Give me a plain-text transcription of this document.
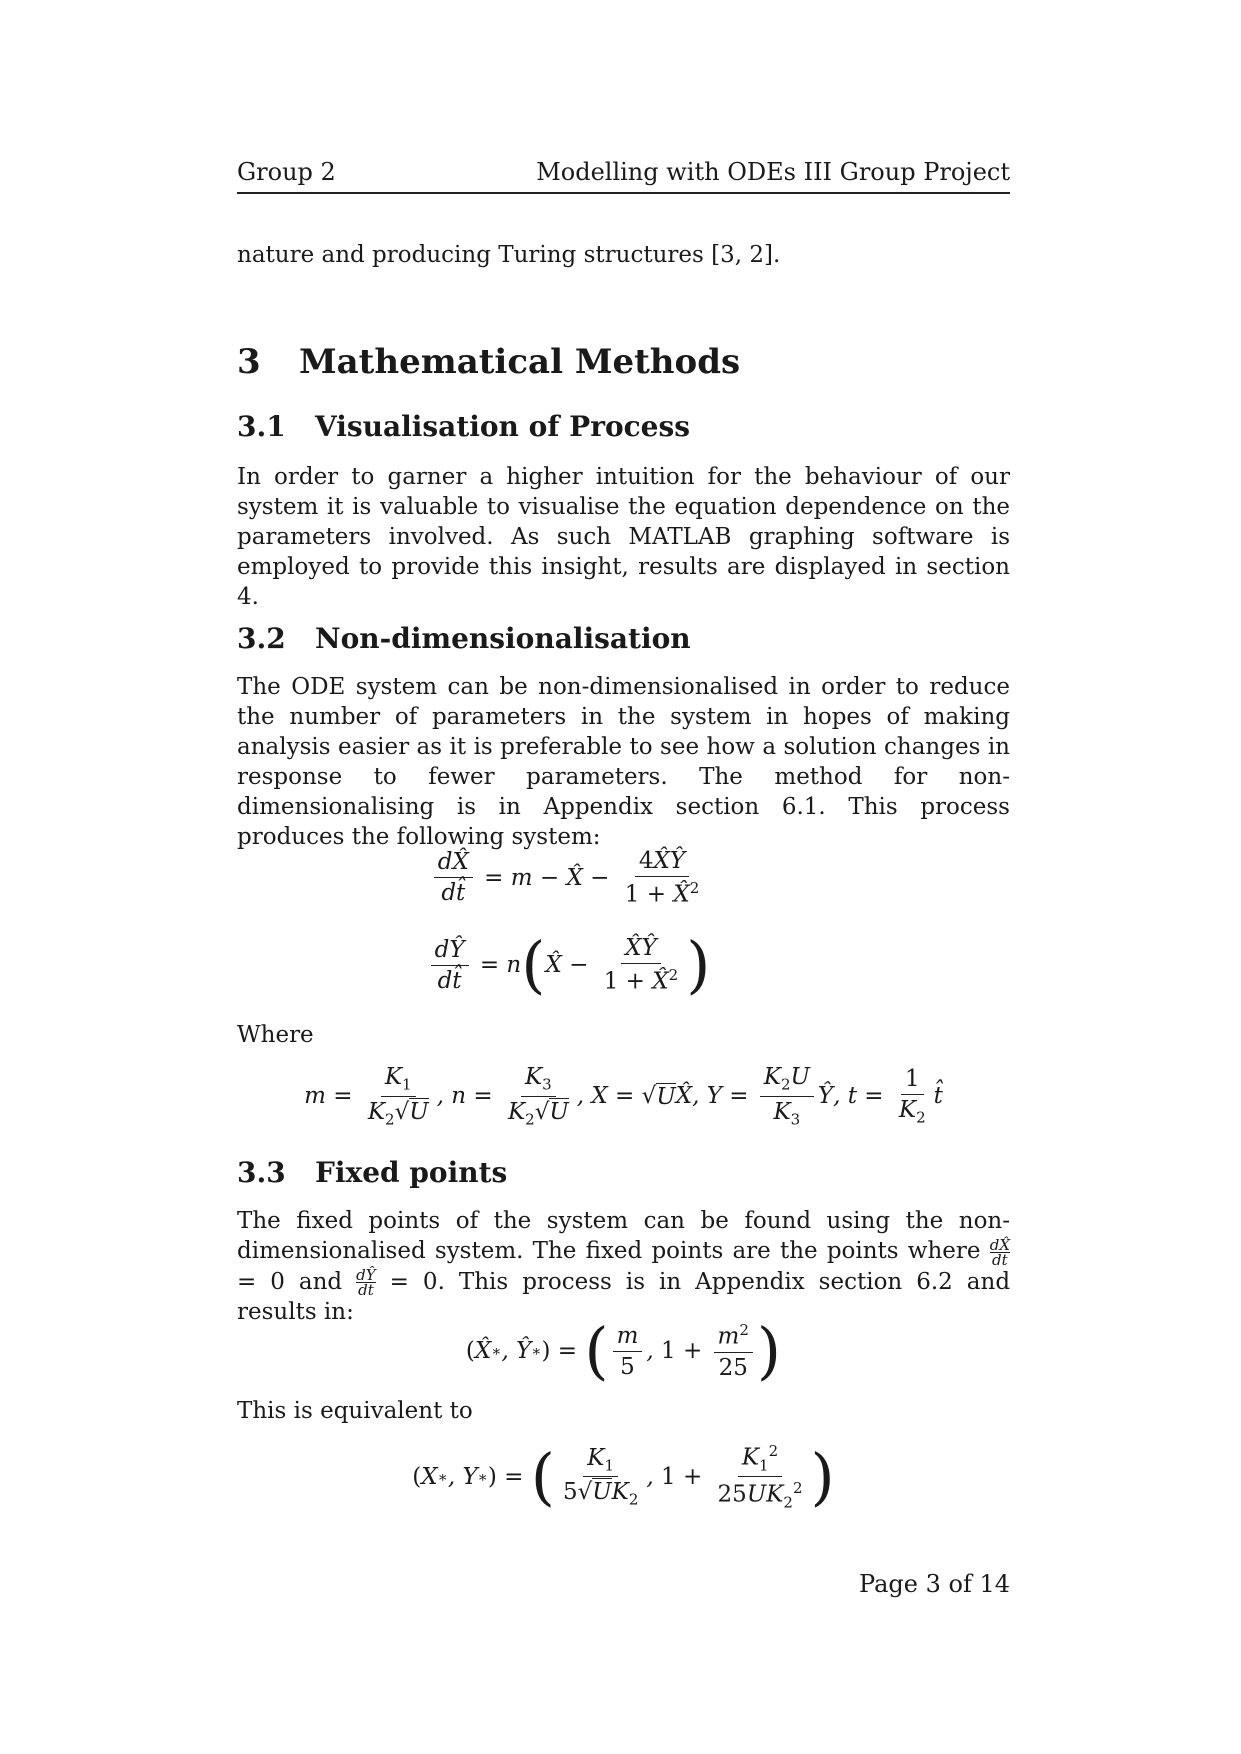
Group 2	Modelling with ODEs III Group Project

nature and producing Turing structures [3, 2].

3 Mathematical Methods
3.1 Visualisation of Process

In order to garner a higher intuition for the behaviour of our system it is valuable to visualise the equation dependence on the parameters involved. As such MATLAB graphing software is employed to provide this insight, results are displayed in section 4.

3.2 Non-dimensionalisation

The ODE system can be non-dimensionalised in order to reduce the number of parameters in the system in hopes of making analysis easier as it is preferable to see how a solution changes in response to fewer parameters. The method for non-dimensionalising is in Appendix section 6.1. This process produces the following system:

$\frac{dX̂}{dt̂} = m$ − X̂ − $\frac{4X̂Ŷ}{1 + X̂^2}$
$\frac{dŶ}{dt̂} = n$ ( X̂ − $\frac{X̂Ŷ}{1 + X̂^2}$ )

Where

$m = \frac{K_1}{K_2√U}$ , $n = \frac{K_3}{K_2√U}$ , X = √ U X̂, $Y = \frac{K_2U}{K_3}$ Ŷ, $t = \frac{1}{K_2}$ t̂
3.3 Fixed points

The fixed points of the system can be found using the non-dimensionalised system. The fixed points are the points where $\frac{dX̂}{dt}$
= 0 and $\frac{dŶ}{dt} = 0$. This process is in Appendix section 6.2 and results in:

( X̂ ∗ , Ŷ ∗ ) = ( $\frac{m}{5}$ , $1 + \frac{m^2}{25}$ )

This is equivalent to

( X ∗ , Y ∗ ) = ( $\frac{K_1}{5√UK_2}$ , $1 + \frac{K_1^2}{25UK_2^2}$ )
Page 3 of 14
